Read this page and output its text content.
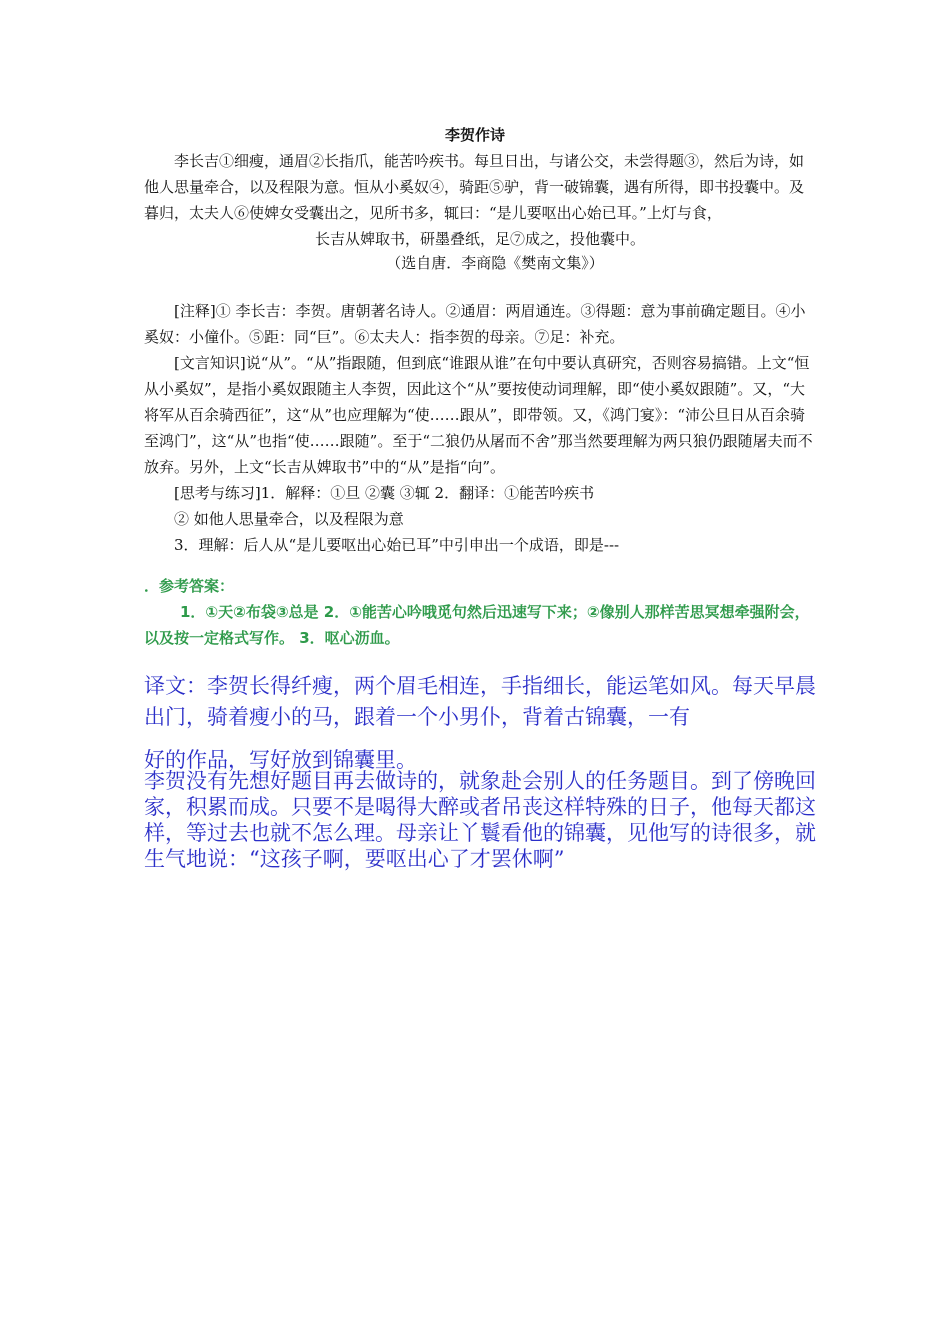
李贺作诗

李长吉①细瘦，通眉②长指爪，能苦吟疾书。每旦日出，与诸公交，未尝得题③，然后为诗，如他人思量牵合，以及程限为意。恒从小奚奴④，骑距⑤驴，背一破锦囊，遇有所得，即书投囊中。及暮归，太夫人⑥使婢女受囊出之，见所书多，辄曰：“是儿要呕出心始已耳。”上灯与食，

长吉从婢取书，研墨叠纸，足⑦成之，投他囊中。

（选自唐．李商隐《樊南文集》）

[注释]① 李长吉：李贺。唐朝著名诗人。②通眉：两眉通连。③得题：意为事前确定题目。④小奚奴：小僮仆。⑤距：同“巨”。⑥太夫人：指李贺的母亲。⑦足：补充。

[文言知识]说“从”。“从”指跟随，但到底“谁跟从谁”在句中要认真研究，否则容易搞错。上文“恒从小奚奴”，是指小奚奴跟随主人李贺，因此这个“从”要按使动词理解，即“使小奚奴跟随”。又，“大将军从百余骑西征”，这“从”也应理解为“使……跟从”，即带领。又，《鸿门宴》：“沛公旦日从百余骑至鸿门”，这“从”也指“使……跟随”。至于“二狼仍从屠而不舍”那当然要理解为两只狼仍跟随屠夫而不放弃。另外，上文“长吉从婢取书”中的“从”是指“向”。

[思考与练习]1．解释：①旦 ②囊 ③辄 2．翻译：①能苦吟疾书

② 如他人思量牵合，以及程限为意

3．理解：后人从“是儿要呕出心始已耳”中引申出一个成语，即是---

．参考答案：

1．①天②布袋③总是 2．①能苦心吟哦觅句然后迅速写下来；②像别人那样苦思冥想牵强附会，以及按一定格式写作。 3．呕心沥血。

译文：李贺长得纤瘦，两个眉毛相连，手指细长，能运笔如风。每天早晨出门，骑着瘦小的马，跟着一个小男仆，背着古锦囊，一有

好的作品，写好放到锦囊里。

李贺没有先想好题目再去做诗的，就象赴会别人的任务题目。到了傍晚回家，积累而成。只要不是喝得大醉或者吊丧这样特殊的日子，他每天都这样，等过去也就不怎么理。母亲让丫鬟看他的锦囊，见他写的诗很多，就生气地说：“这孩子啊，要呕出心了才罢休啊”
